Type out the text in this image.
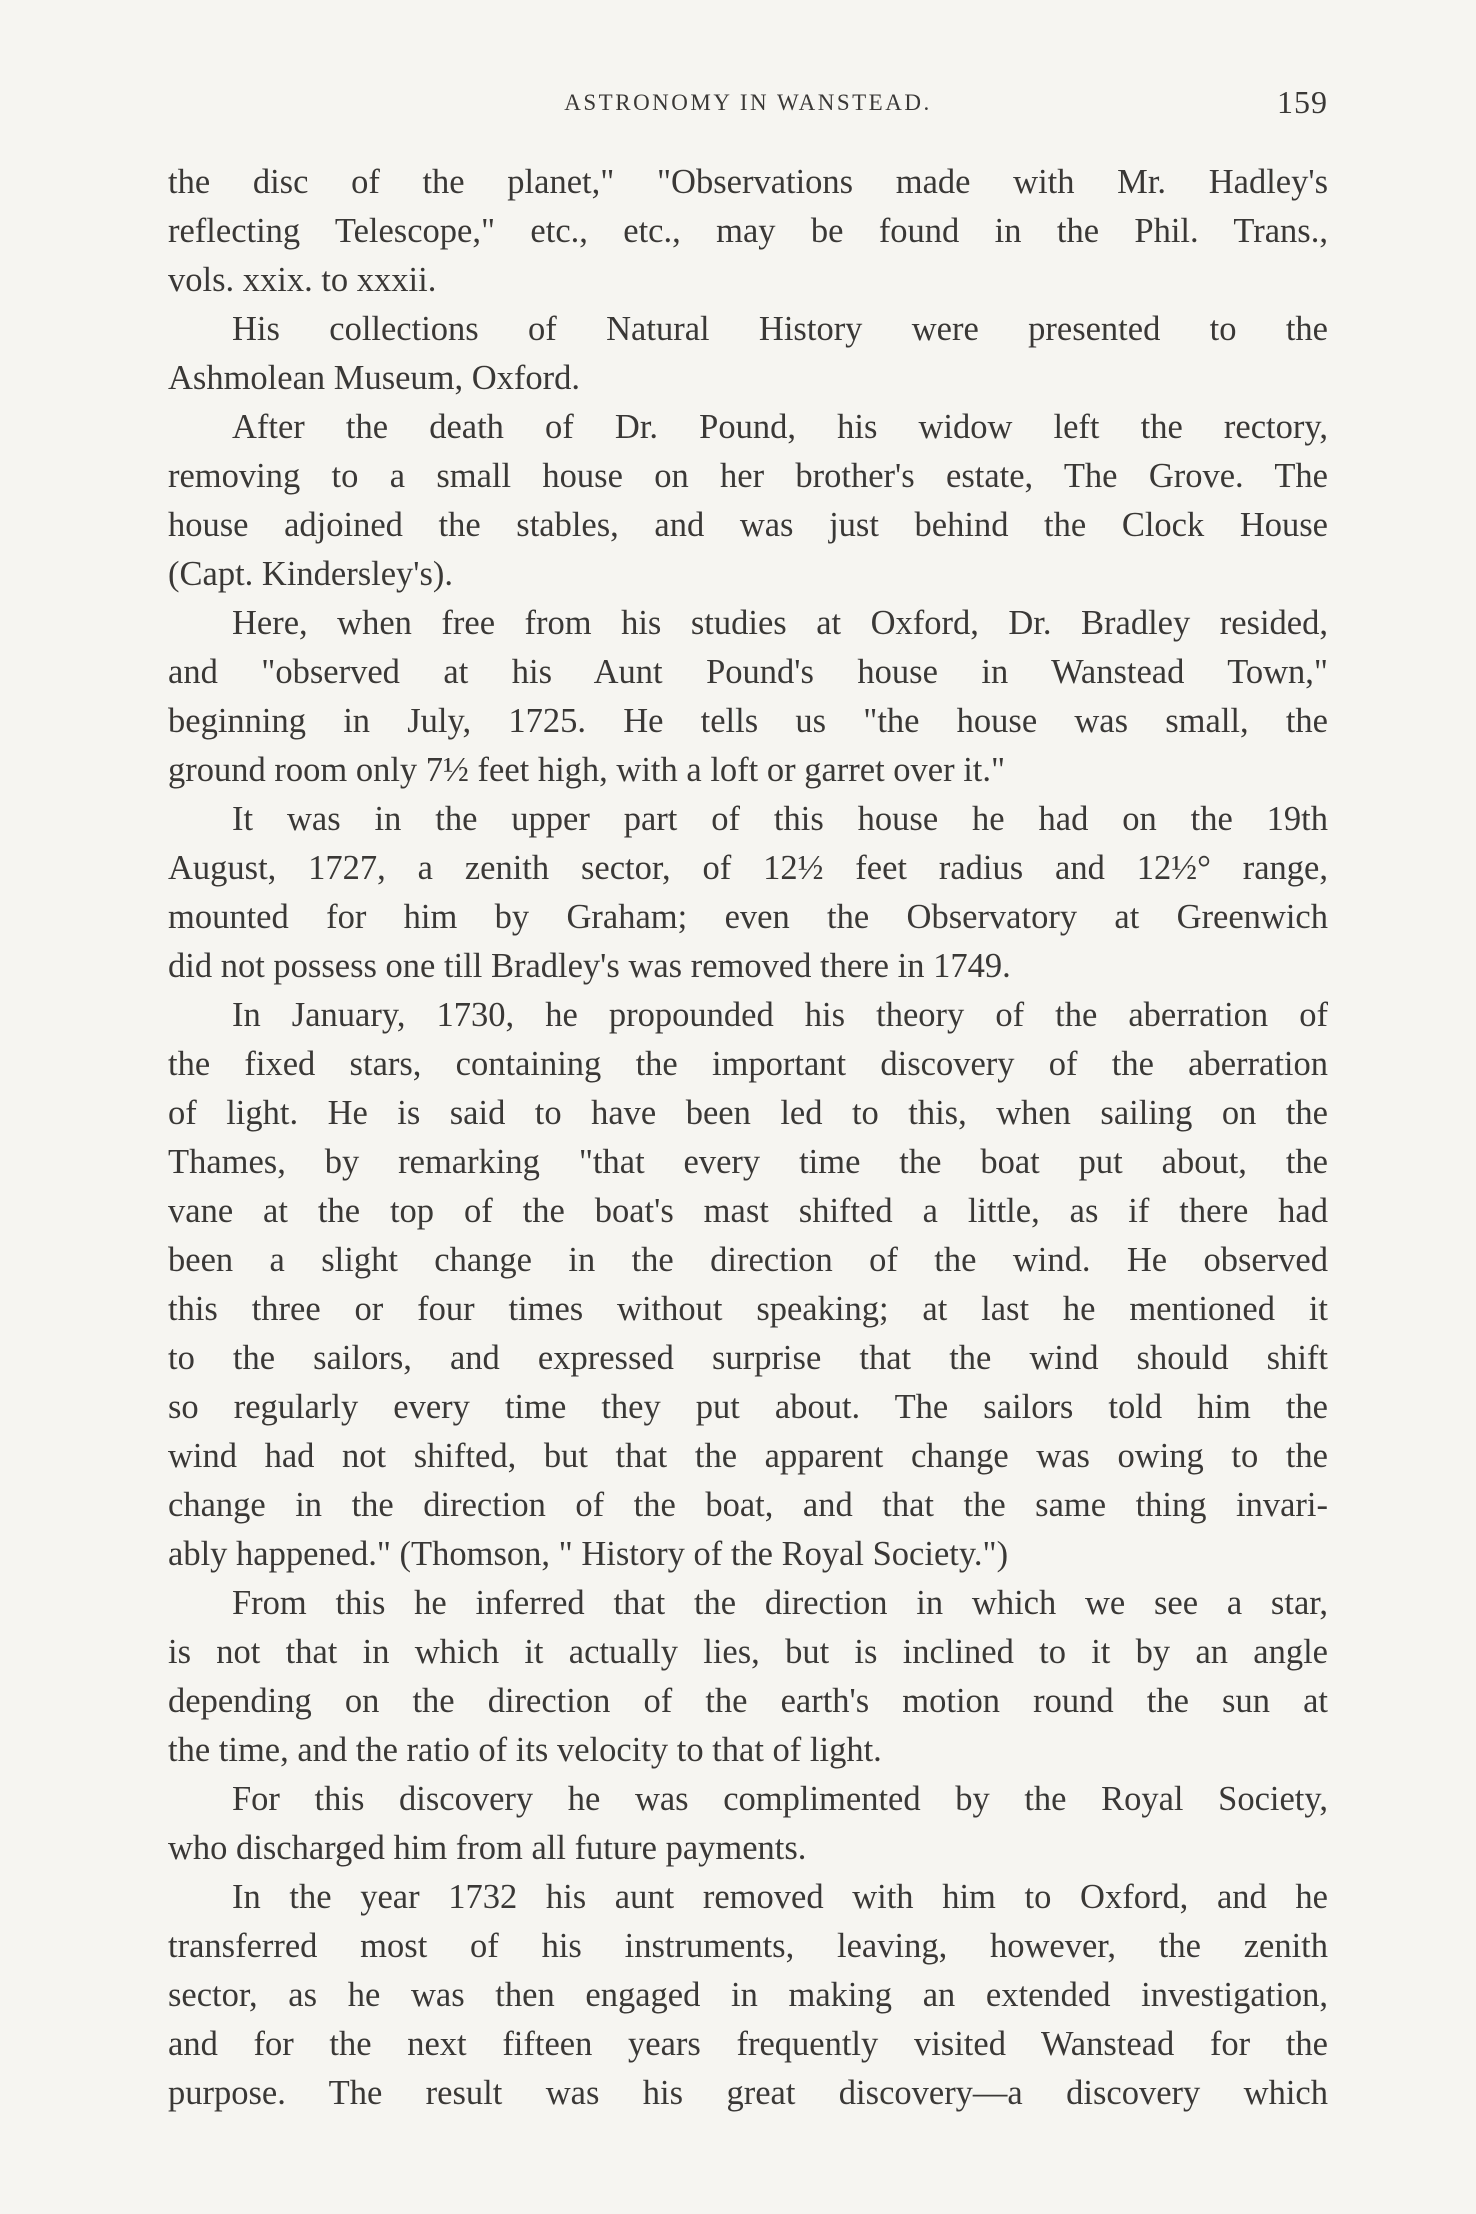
ASTRONOMY IN WANSTEAD.	159
the disc of the planet," "Observations made with Mr. Hadley's
reflecting Telescope," etc., etc., may be found in the Phil. Trans.,
vols. xxix. to xxxii.
His collections of Natural History were presented to the
Ashmolean Museum, Oxford.
After the death of Dr. Pound, his widow left the rectory,
removing to a small house on her brother's estate, The Grove. The
house adjoined the stables, and was just behind the Clock House
(Capt. Kindersley's).
Here, when free from his studies at Oxford, Dr. Bradley resided,
and "observed at his Aunt Pound's house in Wanstead Town,"
beginning in July, 1725. He tells us "the house was small, the
ground room only 7½ feet high, with a loft or garret over it."
It was in the upper part of this house he had on the 19th
August, 1727, a zenith sector, of 12½ feet radius and 12½° range,
mounted for him by Graham; even the Observatory at Greenwich
did not possess one till Bradley's was removed there in 1749.
In January, 1730, he propounded his theory of the aberration of
the fixed stars, containing the important discovery of the aberration
of light. He is said to have been led to this, when sailing on the
Thames, by remarking "that every time the boat put about, the
vane at the top of the boat's mast shifted a little, as if there had
been a slight change in the direction of the wind. He observed
this three or four times without speaking; at last he mentioned it
to the sailors, and expressed surprise that the wind should shift
so regularly every time they put about. The sailors told him the
wind had not shifted, but that the apparent change was owing to the
change in the direction of the boat, and that the same thing invari-
ably happened." (Thomson, " History of the Royal Society.")
From this he inferred that the direction in which we see a star,
is not that in which it actually lies, but is inclined to it by an angle
depending on the direction of the earth's motion round the sun at
the time, and the ratio of its velocity to that of light.
For this discovery he was complimented by the Royal Society,
who discharged him from all future payments.
In the year 1732 his aunt removed with him to Oxford, and he
transferred most of his instruments, leaving, however, the zenith
sector, as he was then engaged in making an extended investigation,
and for the next fifteen years frequently visited Wanstead for the
purpose. The result was his great discovery—a discovery which
